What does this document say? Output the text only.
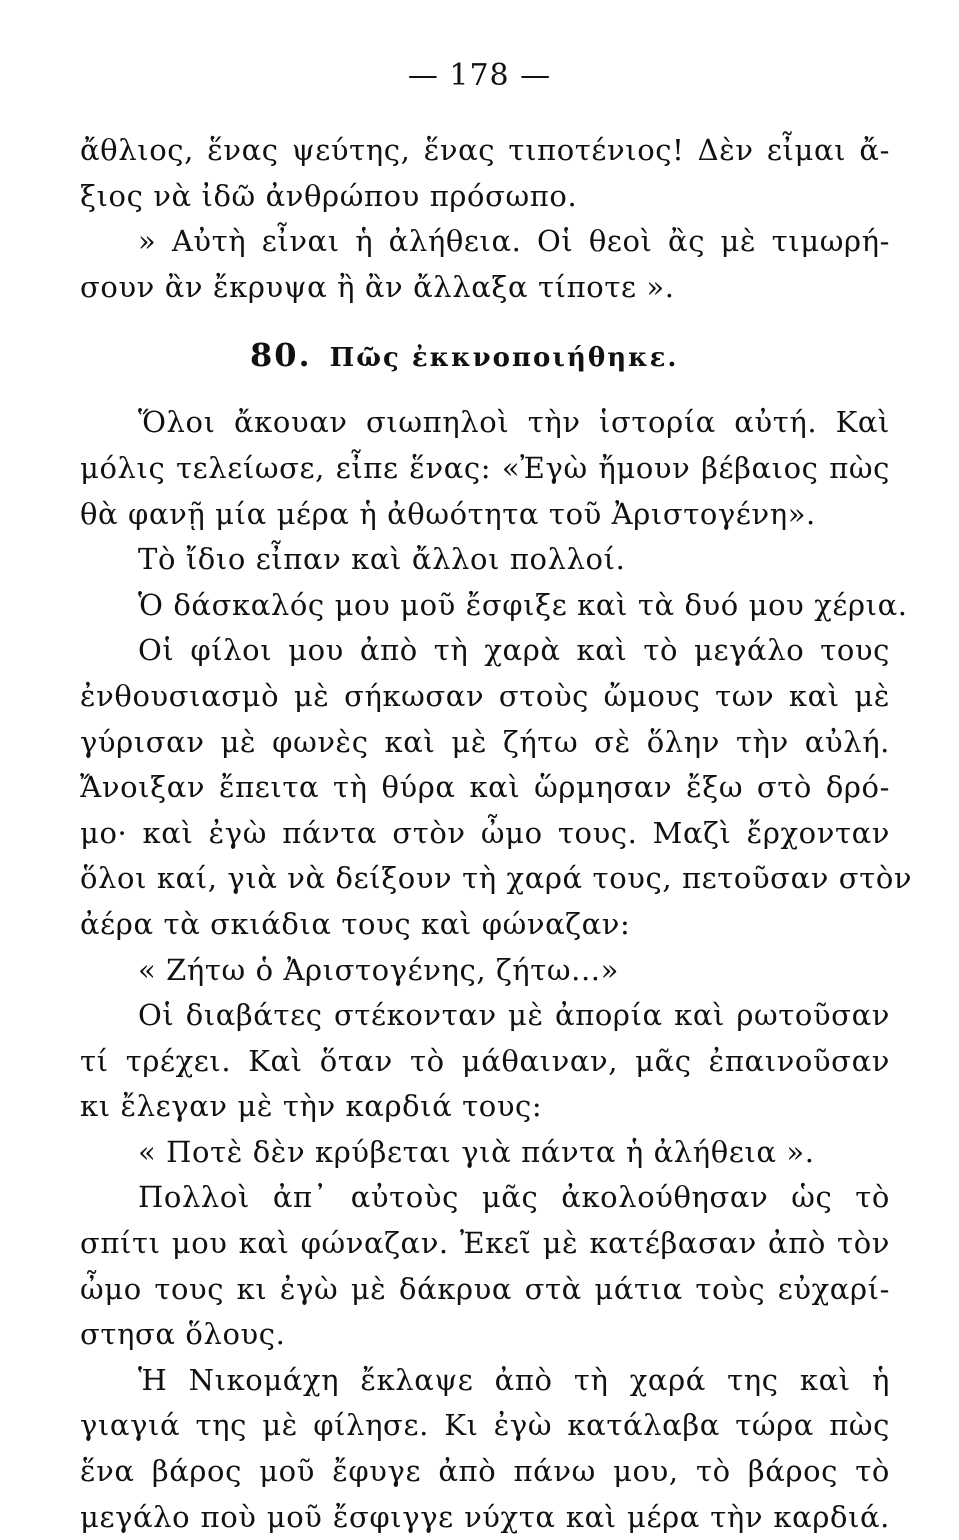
— 178 —
ἄθλιος, ἕνας ψεύτης, ἕνας τιποτένιος! Δὲν εἶμαι ἄ-
ξιος νὰ ἰδῶ ἀνθρώπου πρόσωπο.
» Αὐτὴ εἶναι ἡ ἀλήθεια. Οἱ θεοὶ ἂς μὲ τιμωρή-
σουν ἂν ἔκρυψα ἢ ἂν ἄλλαξα τίποτε ».
80. Πῶς ἐκκνοποιήθηκε.
Ὅλοι ἄκουαν σιωπηλοὶ τὴν ἱστορία αὐτή. Καὶ
μόλις τελείωσε, εἶπε ἕνας: «Ἐγὼ ἤμουν βέβαιος πὼς
θὰ φανῇ μία μέρα ἡ ἀθωότητα τοῦ Ἀριστογένη».
Τὸ ἴδιο εἶπαν καὶ ἄλλοι πολλοί.
Ὁ δάσκαλός μου μοῦ ἔσφιξε καὶ τὰ δυό μου χέρια.
Οἱ φίλοι μου ἀπὸ τὴ χαρὰ καὶ τὸ μεγάλο τους
ἐνθουσιασμὸ μὲ σήκωσαν στοὺς ὤμους των καὶ μὲ
γύρισαν μὲ φωνὲς καὶ μὲ ζήτω σὲ ὅλην τὴν αὐλή.
Ἄνοιξαν ἔπειτα τὴ θύρα καὶ ὥρμησαν ἔξω στὸ δρό-
μο· καὶ ἐγὼ πάντα στὸν ὦμο τους. Μαζὶ ἔρχονταν
ὅλοι καί, γιὰ νὰ δείξουν τὴ χαρά τους, πετοῦσαν στὸν
ἀέρα τὰ σκιάδια τους καὶ φώναζαν:
« Ζήτω ὁ Ἀριστογένης, ζήτω...»
Οἱ διαβάτες στέκονταν μὲ ἀπορία καὶ ρωτοῦσαν
τί τρέχει. Καὶ ὅταν τὸ μάθαιναν, μᾶς ἐπαινοῦσαν
κι ἔλεγαν μὲ τὴν καρδιά τους:
« Ποτὲ δὲν κρύβεται γιὰ πάντα ἡ ἀλήθεια ».
Πολλοὶ ἀπ᾿ αὐτοὺς μᾶς ἀκολούθησαν ὡς τὸ
σπίτι μου καὶ φώναζαν. Ἐκεῖ μὲ κατέβασαν ἀπὸ τὸν
ὦμο τους κι ἐγὼ μὲ δάκρυα στὰ μάτια τοὺς εὐχαρί-
στησα ὅλους.
Ἡ Νικομάχη ἔκλαψε ἀπὸ τὴ χαρά της καὶ ἡ
γιαγιά της μὲ φίλησε. Κι ἐγὼ κατάλαβα τώρα πὼς
ἕνα βάρος μοῦ ἔφυγε ἀπὸ πάνω μου, τὸ βάρος τὸ
μεγάλο ποὺ μοῦ ἔσφιγγε νύχτα καὶ μέρα τὴν καρδιά.
